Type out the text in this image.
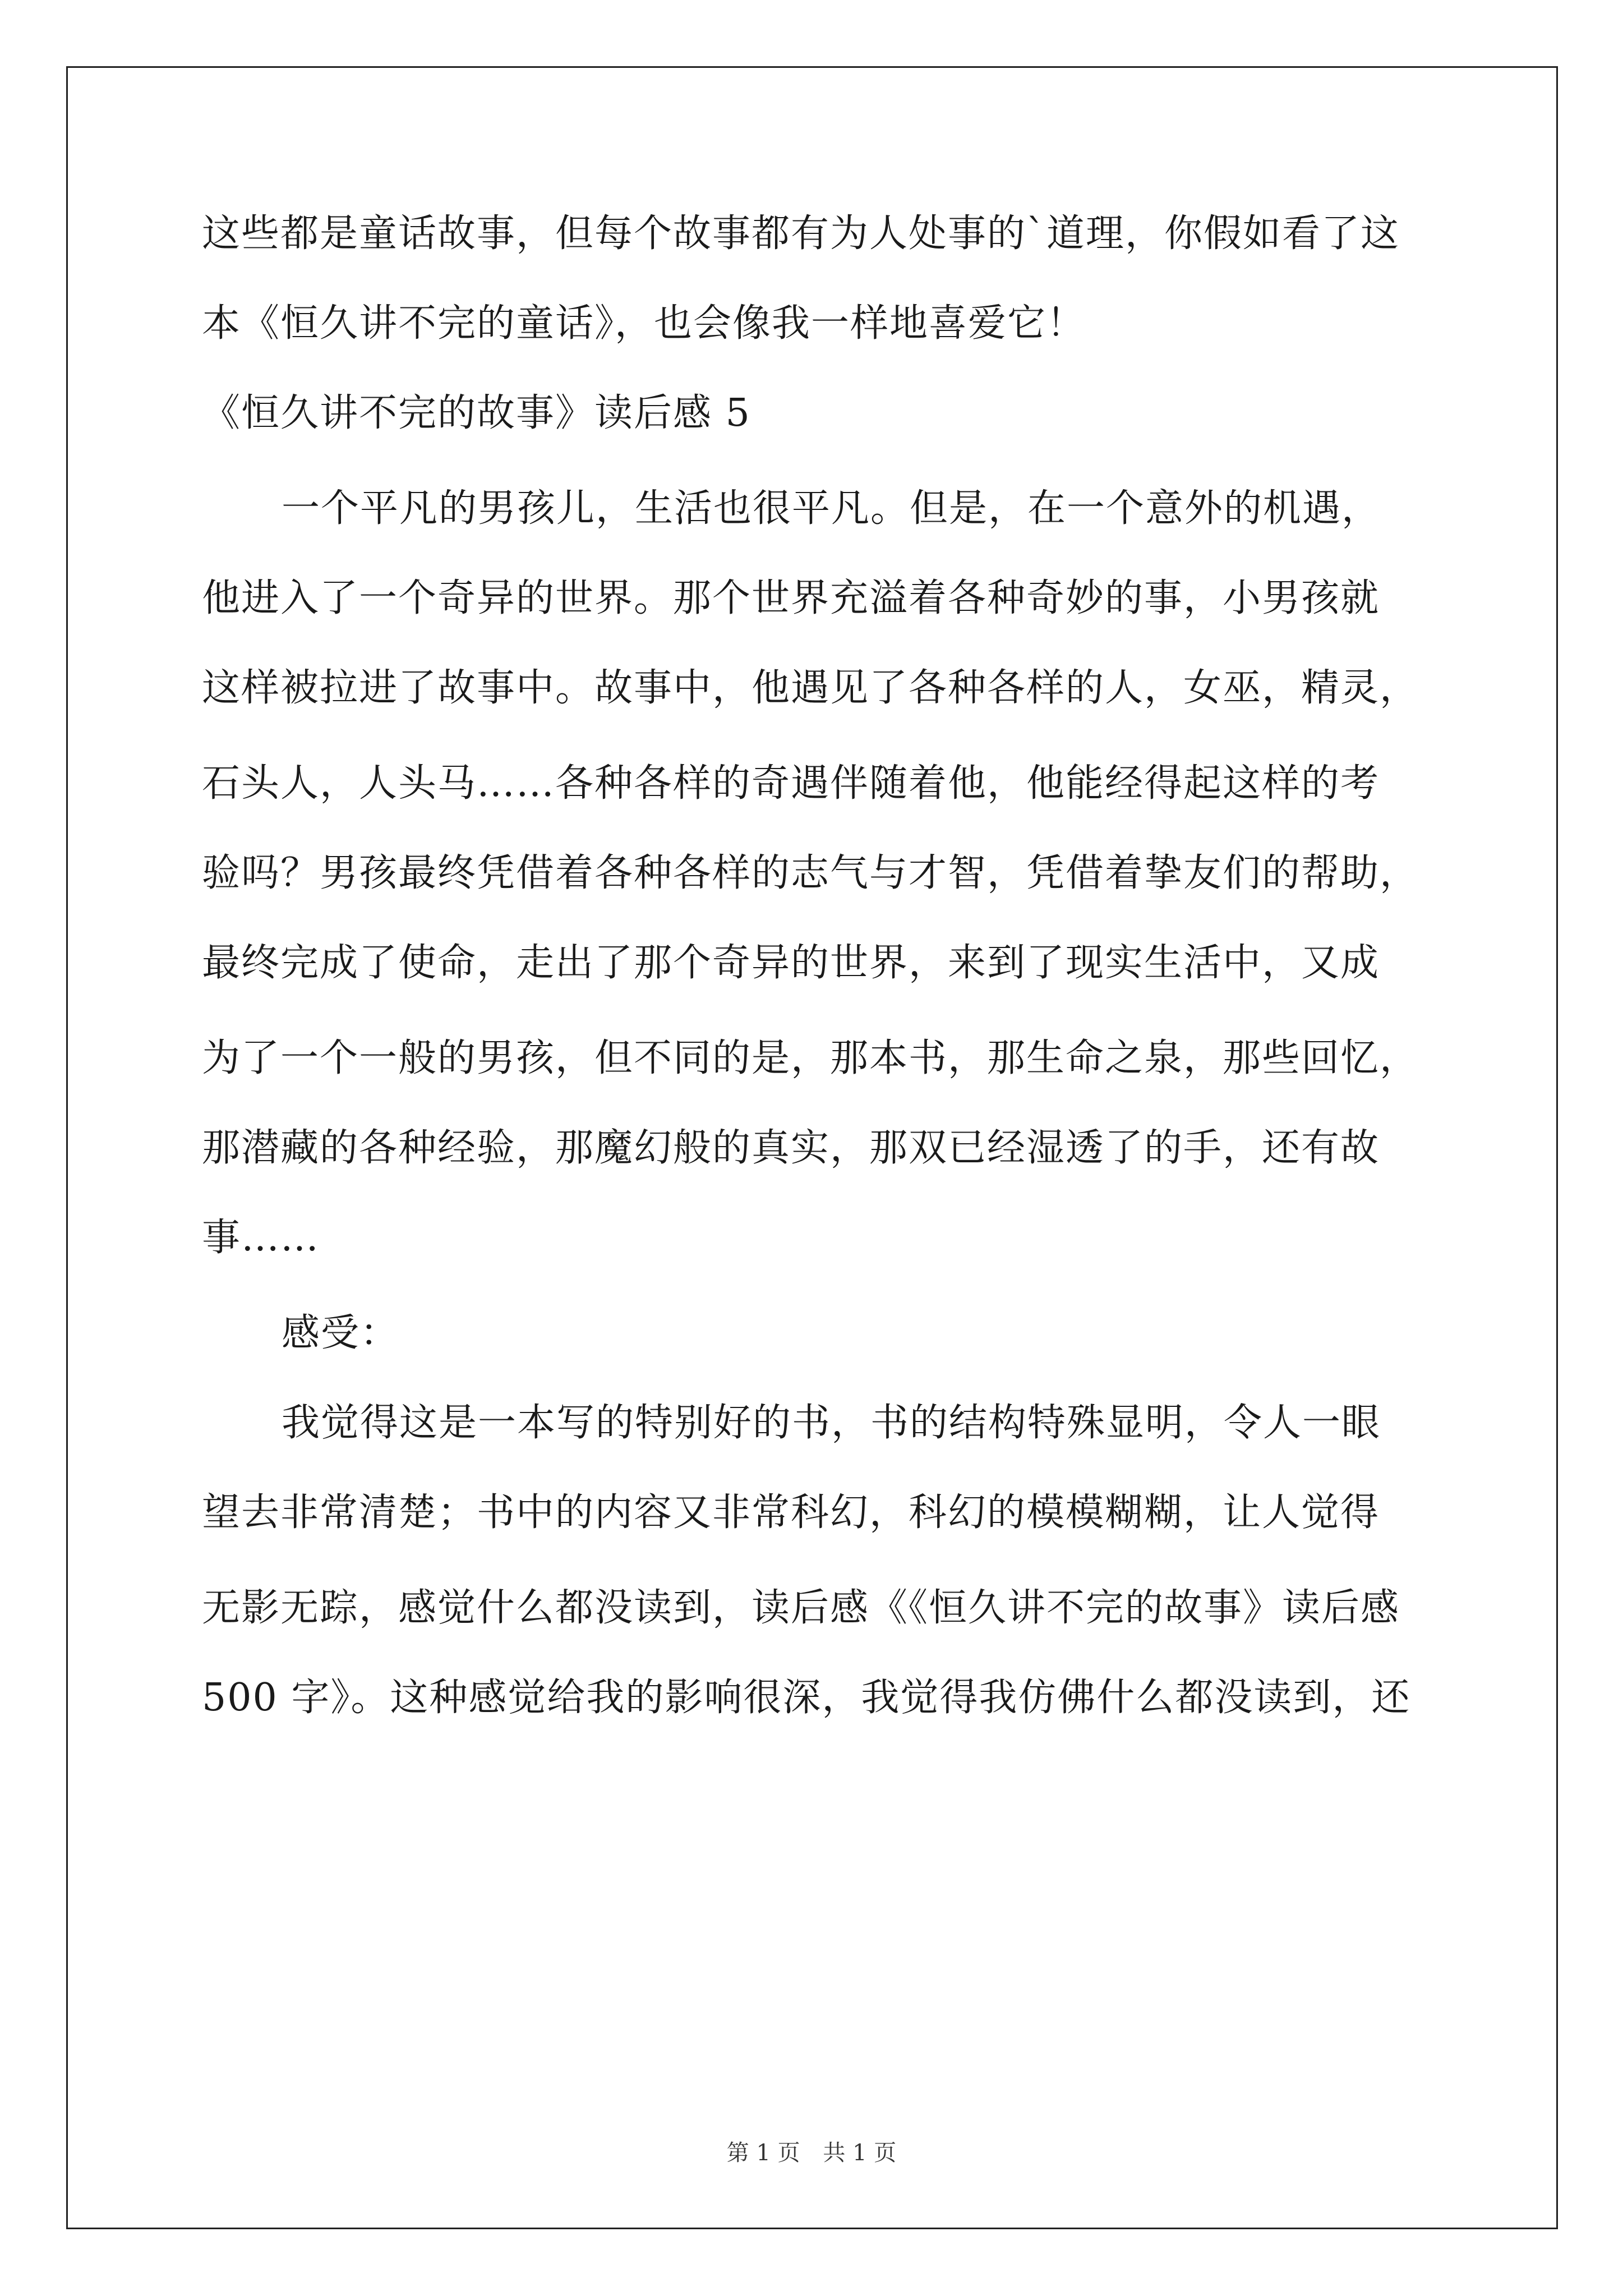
这些都是童话故事，但每个故事都有为人处事的`道理，你假如看了这
本《恒久讲不完的童话》，也会像我一样地喜爱它！
《恒久讲不完的故事》读后感 5
一个平凡的男孩儿，生活也很平凡。但是，在一个意外的机遇，
他进入了一个奇异的世界。那个世界充溢着各种奇妙的事，小男孩就
这样被拉进了故事中。故事中，他遇见了各种各样的人，女巫，精灵，
石头人，人头马……各种各样的奇遇伴随着他，他能经得起这样的考
验吗？男孩最终凭借着各种各样的志气与才智，凭借着挚友们的帮助，
最终完成了使命，走出了那个奇异的世界，来到了现实生活中，又成
为了一个一般的男孩，但不同的是，那本书，那生命之泉，那些回忆，
那潜藏的各种经验，那魔幻般的真实，那双已经湿透了的手，还有故
事……
感受：
我觉得这是一本写的特别好的书，书的结构特殊显明，令人一眼
望去非常清楚；书中的内容又非常科幻，科幻的模模糊糊，让人觉得
无影无踪，感觉什么都没读到，读后感《《恒久讲不完的故事》读后感
500 字》。这种感觉给我的影响很深，我觉得我仿佛什么都没读到，还
第 1 页 共 1 页
